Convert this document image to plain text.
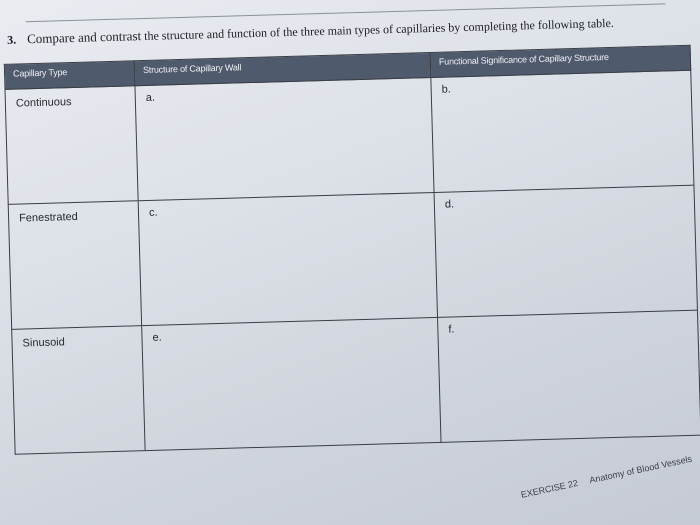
3. Compare and contrast the structure and function of the three main types of capillaries by completing the following table.
Capillary Type	Structure of Capillary Wall	Functional Significance of Capillary Structure
Continuous	a.	b.
Fenestrated	c.	d.
Sinusoid	e.	f.
EXERCISE 22 Anatomy of Blood Vessels
